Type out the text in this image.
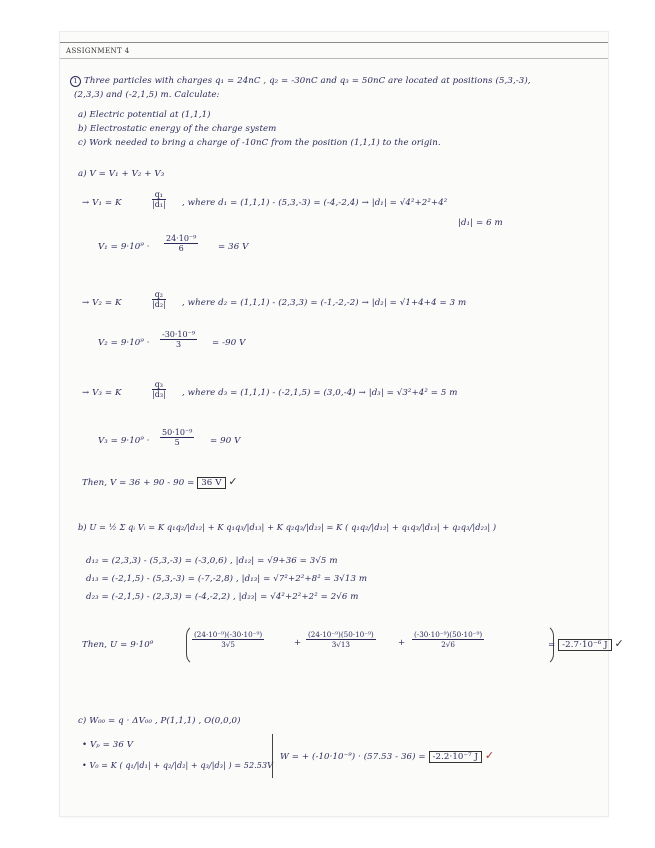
ASSIGNMENT 4
1 Three particles with charges q₁ = 24nC , q₂ = -30nC and q₃ = 50nC are located at positions (5,3,-3),
(2,3,3) and (-2,1,5) m. Calculate:
a) Electric potential at (1,1,1)
b) Electrostatic energy of the charge system
c) Work needed to bring a charge of -10nC from the position (1,1,1) to the origin.
a) V = V₁ + V₂ + V₃
→ V₁ = K	$\frac{\text{q₁}}{\text{|d₁|}}$ , where d₁ = (1,1,1) - (5,3,-3) = (-4,-2,4) → |d₁| = √4²+2²+4²
|d₁| = 6 m
$V_1 = 9\cdot 10^9 \cdot \frac{\text{24·10⁻⁹}}{6} = 36$ V
→ V₂ = K	$\frac{\text{q₂}}{\text{|d₂|}}$ , where d₂ = (1,1,1) - (2,3,3) = (-1,-2,-2) → |d₂| = √1+4+4 = 3 m
$V_2 = 9\cdot 10^9 \cdot \frac{\text{-30·10⁻⁹}}{3} = -90$ V
→ V₃ = K	$\frac{\text{q₃}}{\text{|d₃|}}$ , where d₃ = (1,1,1) - (-2,1,5) = (3,0,-4) → |d₃| = √3²+4² = 5 m
$V_3 = 9\cdot 10^9 \cdot \frac{\text{50·10⁻⁹}}{5} = 90$ V
Then, V = 36 + 90 - 90 = 36 V ✓
b) U = ½ Σ qᵢ Vᵢ = K q₁q₂/|d₁₂| + K q₁q₃/|d₁₃| + K q₂q₃/|d₂₃| = K ( q₁q₂/|d₁₂| + q₁q₃/|d₁₃| + q₂q₃/|d₂₃| )
d₁₂ = (2,3,3) - (5,3,-3) = (-3,0,6) , |d₁₂| = √9+36 = 3√5 m
d₁₃ = (-2,1,5) - (5,3,-3) = (-7,-2,8) , |d₁₃| = √7²+2²+8² = 3√13 m
d₂₃ = (-2,1,5) - (2,3,3) = (-4,-2,2) , |d₂₃| = √4²+2²+2² = 2√6 m
Then, U = 9·10⁹	$\frac{\text{(24·10⁻⁹)(-30·10⁻⁹)}}{3√5}$	+ $\frac{\text{(24·10⁻⁹)(50·10⁻⁹)}}{3√13}$	+ $\frac{\text{(-30·10⁻⁹)(50·10⁻⁹)}}{2√6}$	= -2.7·10⁻⁶ J ✓
c) W₀₀ = q · ΔV₀₀ , P(1,1,1) , O(0,0,0)
• Vₚ = 36 V
• V₀ = K ( q₁/|d₁| + q₂/|d₂| + q₃/|d₃| ) = 52.53V
W = + (-10·10⁻⁹) · (57.53 - 36) = -2.2·10⁻⁷ J ✓
